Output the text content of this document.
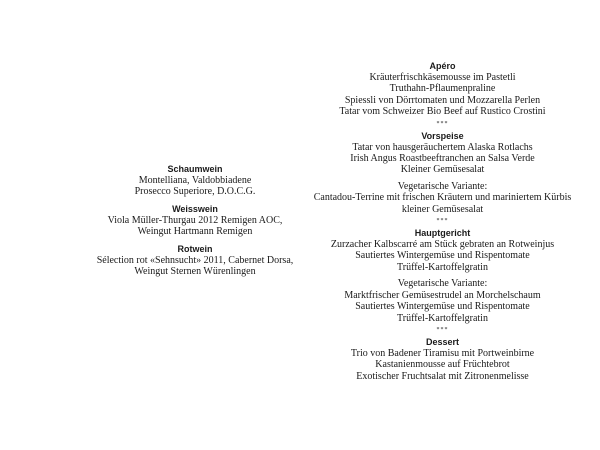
Schaumwein
Montelliana, Valdobbiadene
Prosecco Superiore, D.O.C.G.
Weisswein
Viola Müller-Thurgau 2012 Remigen AOC,
Weingut Hartmann Remigen
Rotwein
Sélection rot «Sehnsucht» 2011, Cabernet Dorsa,
Weingut Sternen Würenlingen
Apéro
Kräuterfrischkäsemousse im Pastetli
Truthahn-Pflaumenpraline
Spiessli von Dörrtomaten und Mozzarella Perlen
Tatar vom Schweizer Bio Beef auf Rustico Crostini
***
Vorspeise
Tatar von hausgeräuchertem Alaska Rotlachs
Irish Angus Roastbeeftranchen an Salsa Verde
Kleiner Gemüsesalat
Vegetarische Variante:
Cantadou-Terrine mit frischen Kräutern und mariniertem Kürbis
kleiner Gemüsesalat
***
Hauptgericht
Zurzacher Kalbscarré am Stück gebraten an Rotweinjus
Sautiertes Wintergemüse und Rispentomate
Trüffel-Kartoffelgratin
Vegetarische Variante:
Marktfrischer Gemüsestrudel an Morchelschaum
Sautiertes Wintergemüse und Rispentomate
Trüffel-Kartoffelgratin
***
Dessert
Trio von Badener Tiramisu mit Portweinbirne
Kastanienmousse auf Früchtebrot
Exotischer Fruchtsalat mit Zitronenmelisse
